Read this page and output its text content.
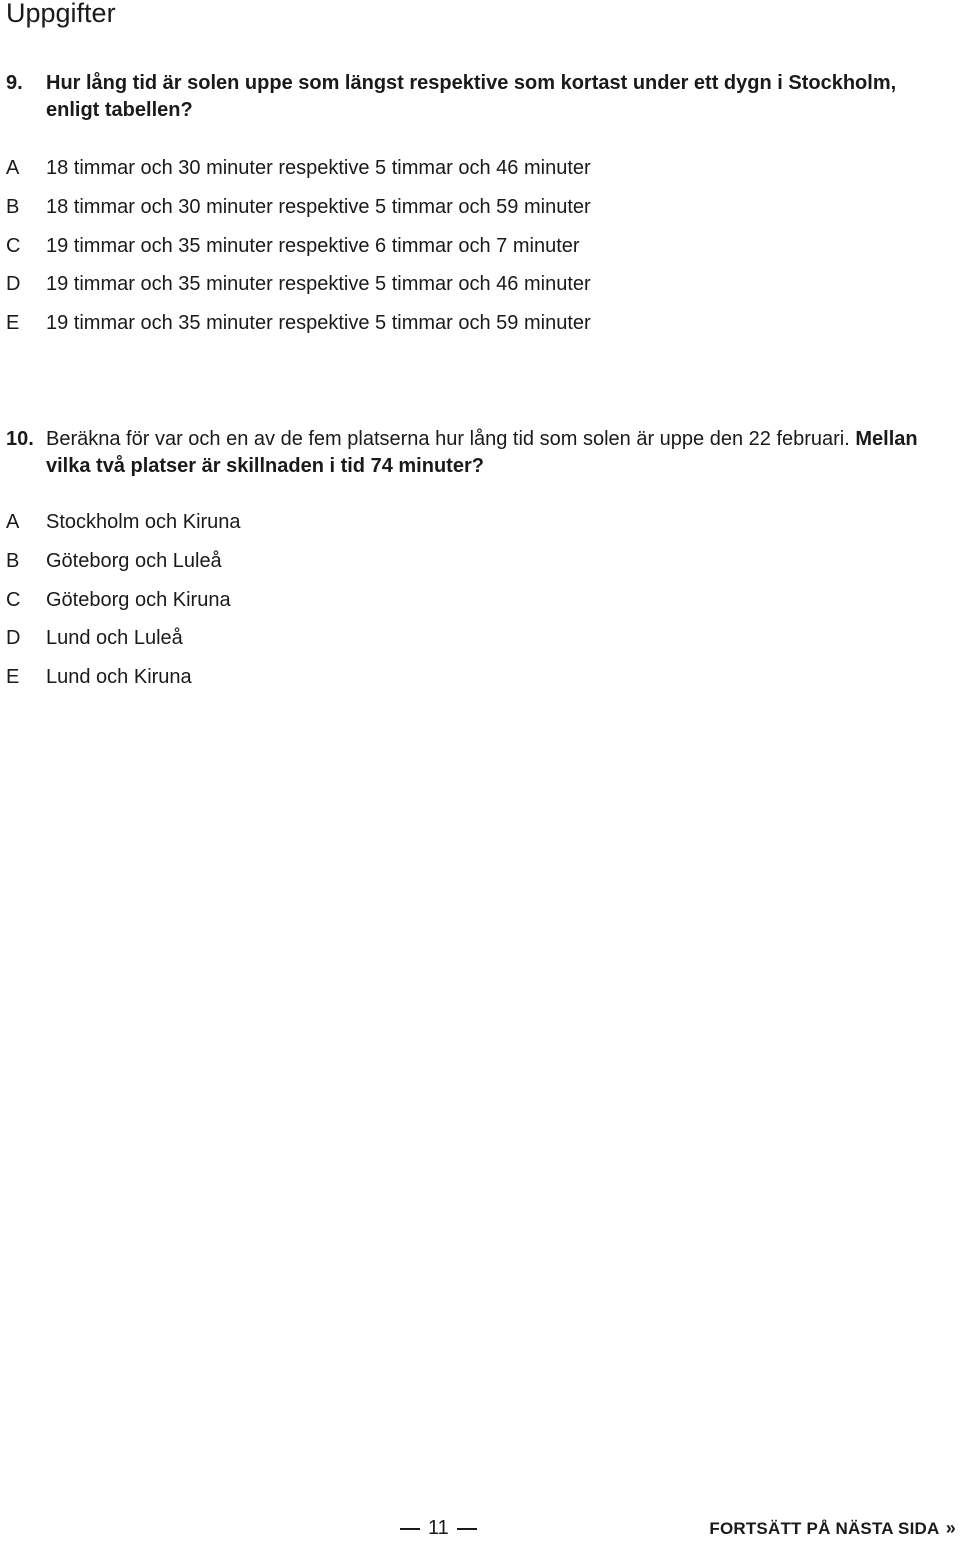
Uppgifter
9. Hur lång tid är solen uppe som längst respektive som kortast under ett dygn i Stockholm, enligt tabellen?
A 18 timmar och 30 minuter respektive 5 timmar och 46 minuter
B 18 timmar och 30 minuter respektive 5 timmar och 59 minuter
C 19 timmar och 35 minuter respektive 6 timmar och 7 minuter
D 19 timmar och 35 minuter respektive 5 timmar och 46 minuter
E 19 timmar och 35 minuter respektive 5 timmar och 59 minuter
10. Beräkna för var och en av de fem platserna hur lång tid som solen är uppe den 22 februari. Mellan vilka två platser är skillnaden i tid 74 minuter?
A Stockholm och Kiruna
B Göteborg och Luleå
C Göteborg och Kiruna
D Lund och Luleå
E Lund och Kiruna
11	FORTSÄTT PÅ NÄSTA SIDA »
